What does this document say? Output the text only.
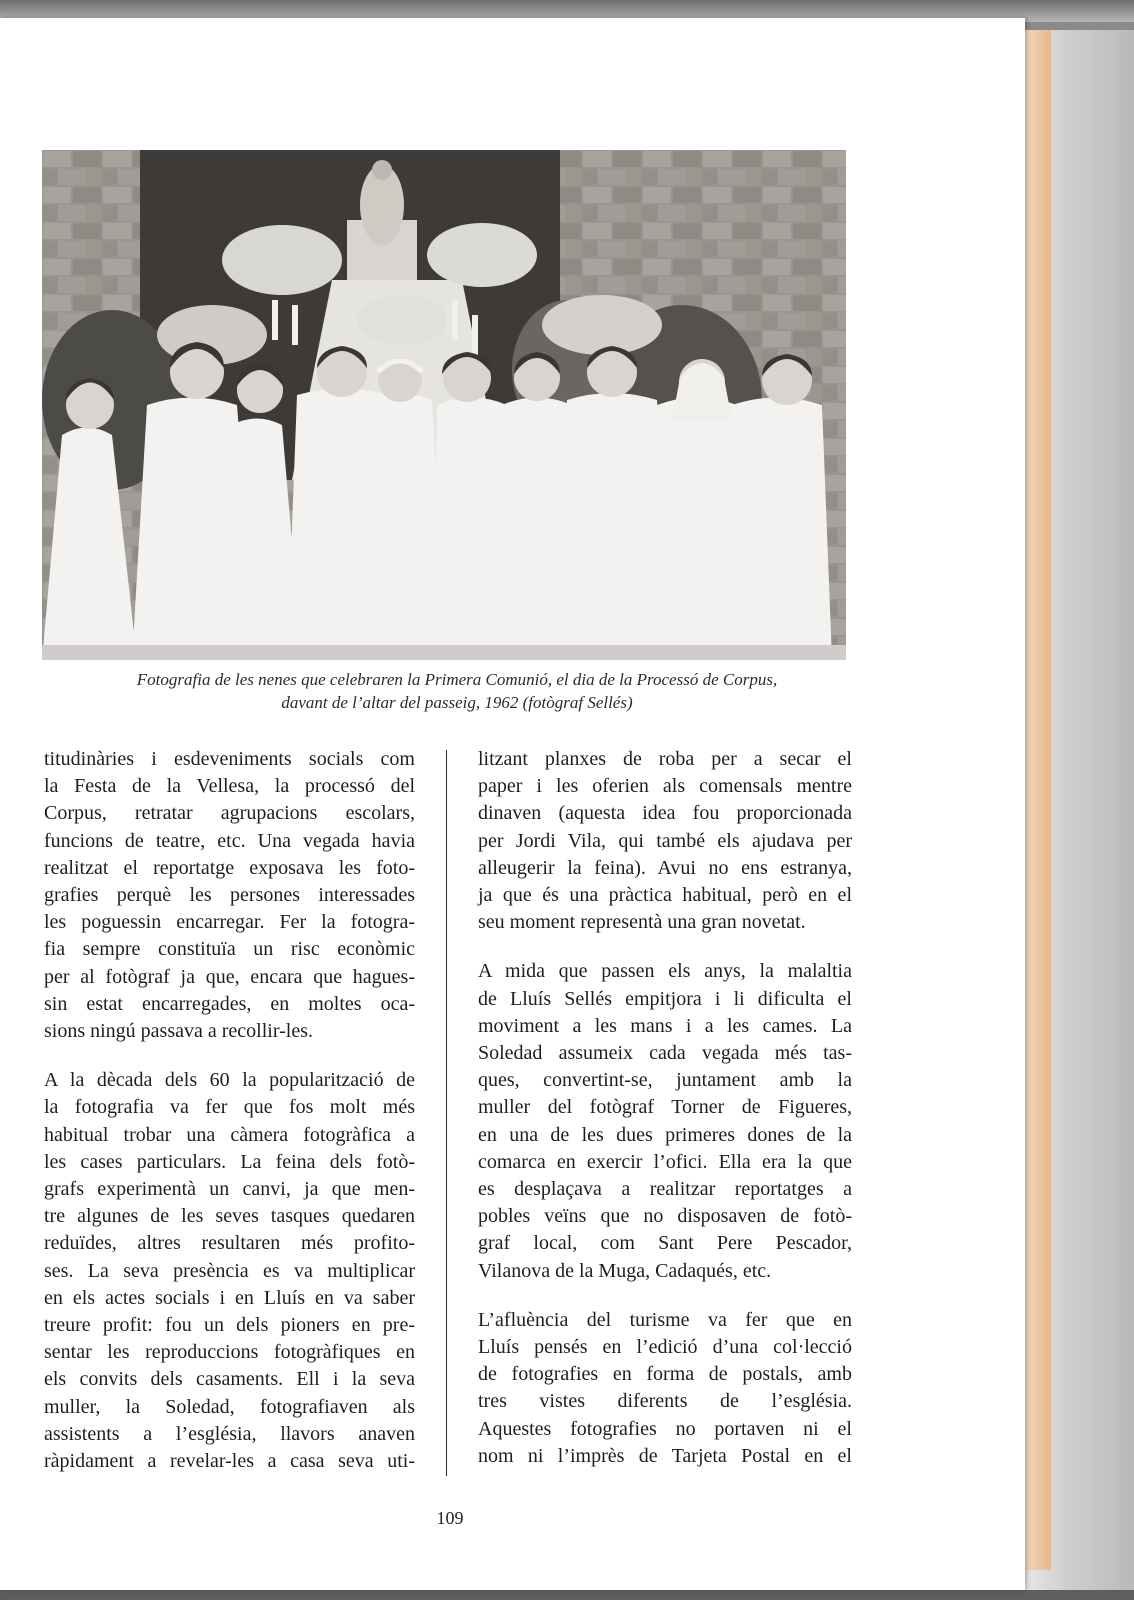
Fotografia de les nenes que celebraren la Primera Comunió, el dia de la Processó de Corpus,
davant de l’altar del passeig, 1962 (fotògraf Sellés)

titudinàries i esdeveniments socials com
la Festa de la Vellesa, la processó del
Corpus, retratar agrupacions escolars,
funcions de teatre, etc. Una vegada havia
realitzat el reportatge exposava les foto-
grafies perquè les persones interessades
les poguessin encarregar. Fer la fotogra-
fia sempre constituïa un risc econòmic
per al fotògraf ja que, encara que hagues-
sin estat encarregades, en moltes oca-
sions ningú passava a recollir-les.

A la dècada dels 60 la popularització de
la fotografia va fer que fos molt més
habitual trobar una càmera fotogràfica a
les cases particulars. La feina dels fotò-
grafs experimentà un canvi, ja que men-
tre algunes de les seves tasques quedaren
reduïdes, altres resultaren més profito-
ses. La seva presència es va multiplicar
en els actes socials i en Lluís en va saber
treure profit: fou un dels pioners en pre-
sentar les reproduccions fotogràfiques en
els convits dels casaments. Ell i la seva
muller, la Soledad, fotografiaven als
assistents a l’església, llavors anaven
ràpidament a revelar-les a casa seva uti-

litzant planxes de roba per a secar el
paper i les oferien als comensals mentre
dinaven (aquesta idea fou proporcionada
per Jordi Vila, qui també els ajudava per
alleugerir la feina). Avui no ens estranya,
ja que és una pràctica habitual, però en el
seu moment representà una gran novetat.

A mida que passen els anys, la malaltia
de Lluís Sellés empitjora i li dificulta el
moviment a les mans i a les cames. La
Soledad assumeix cada vegada més tas-
ques, convertint-se, juntament amb la
muller del fotògraf Torner de Figueres,
en una de les dues primeres dones de la
comarca en exercir l’ofici. Ella era la que
es desplaçava a realitzar reportatges a
pobles veïns que no disposaven de fotò-
graf local, com Sant Pere Pescador,
Vilanova de la Muga, Cadaqués, etc.

L’afluència del turisme va fer que en
Lluís pensés en l’edició d’una col·lecció
de fotografies en forma de postals, amb
tres vistes diferents de l’església.
Aquestes fotografies no portaven ni el
nom ni l’imprès de Tarjeta Postal en el

109
